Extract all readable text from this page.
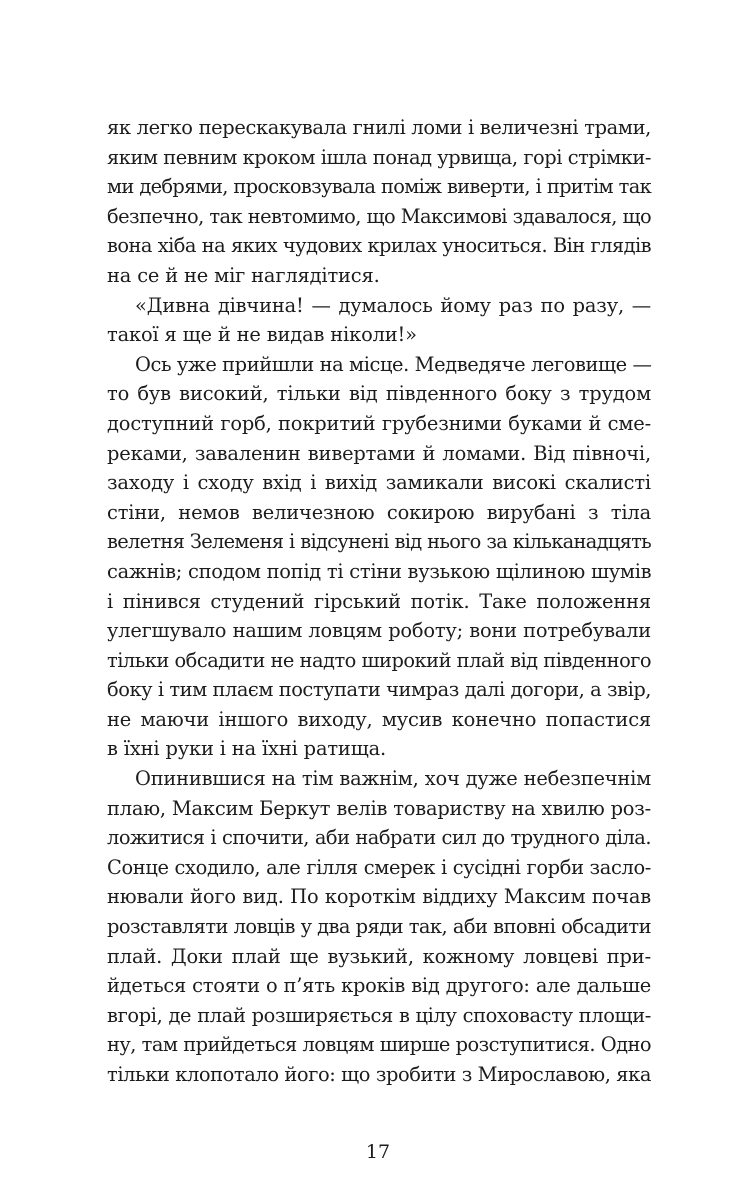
як легко перескакувала гнилі ломи і величезні трами,
яким певним кроком ішла понад урвища, горі стрімки-
ми дебрями, просковзувала поміж виверти, і притім так
безпечно, так невтомимо, що Максимові здавалося, що
вона хіба на яких чудових крилах уноситься. Він глядів
на се й не міг наглядітися.
«Дивна дівчина! — думалось йому раз по разу, —
такої я ще й не видав ніколи!»
Ось уже прийшли на місце. Медведяче леговище —
то був високий, тільки від південного боку з трудом
доступний горб, покритий грубезними буками й сме-
реками, заваленин вивертами й ломами. Від півночі,
заходу і сходу вхід і вихід замикали високі скалисті
стіни, немов величезною сокирою вирубані з тіла
велетня Зелеменя і відсунені від нього за кільканадцять
сажнів; сподом попід ті стіни вузькою щілиною шумів
і пінився студений гірський потік. Таке положення
улегшувало нашим ловцям роботу; вони потребували
тільки обсадити не надто широкий плай від південного
боку і тим плаєм поступати чимраз далі догори, а звір,
не маючи іншого виходу, мусив конечно попастися
в їхні руки і на їхні ратища.
Опинившися на тім важнім, хоч дуже небезпечнім
плаю, Максим Беркут велів товариству на хвилю роз-
ложитися і спочити, аби набрати сил до трудного діла.
Сонце сходило, але гілля смерек і сусідні горби засло-
нювали його вид. По короткім віддиху Максим почав
розставляти ловців у два ряди так, аби вповні обсадити
плай. Доки плай ще вузький, кожному ловцеві при-
йдеться стояти о п’ять кроків від другого: але дальше
вгорі, де плай розширяється в цілу споховасту площи-
ну, там прийдеться ловцям ширше розступитися. Одно
тільки клопотало його: що зробити з Мирославою, яка
17
